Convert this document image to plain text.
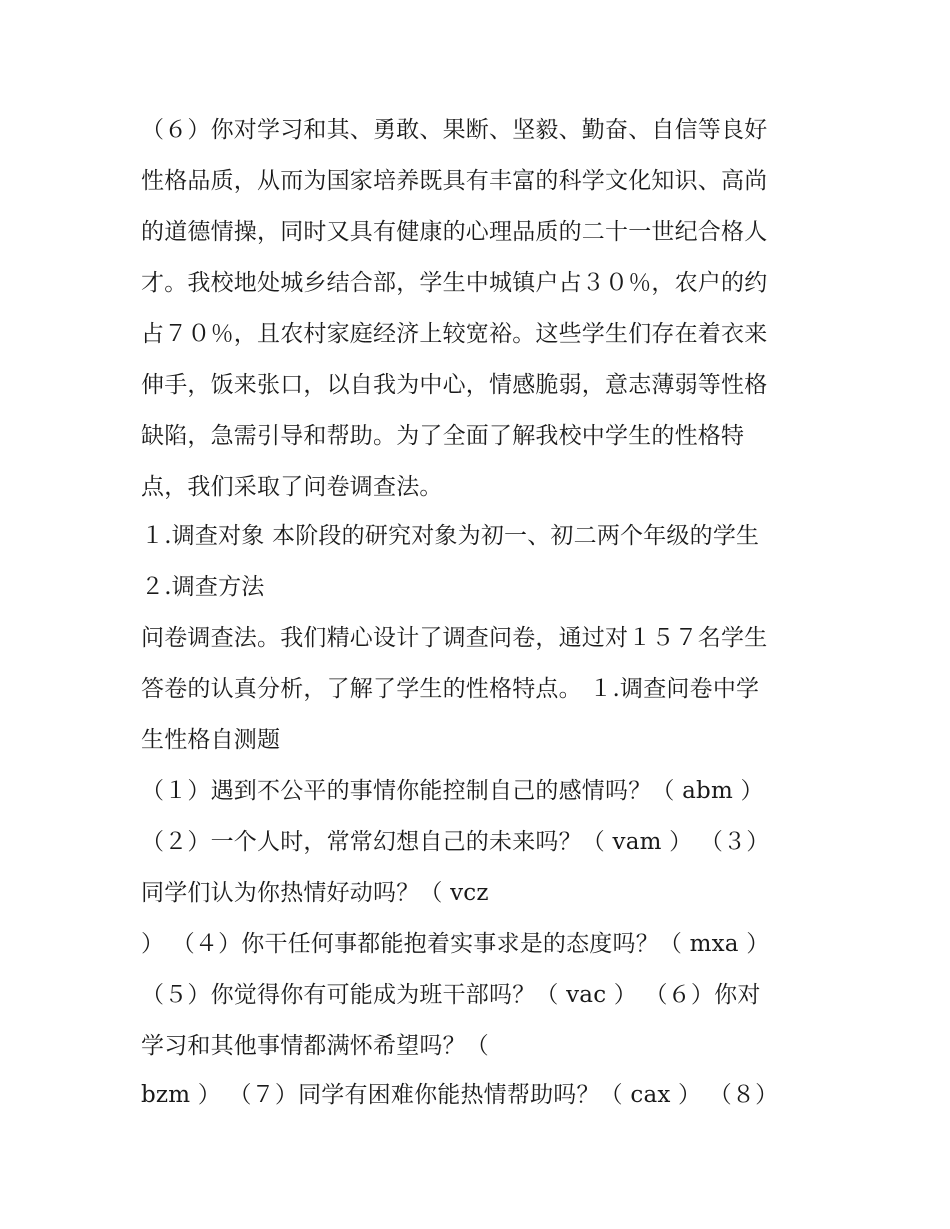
（６）你对学习和其、勇敢、果断、坚毅、勤奋、自信等良好
性格品质，从而为国家培养既具有丰富的科学文化知识、高尚
的道德情操，同时又具有健康的心理品质的二十一世纪合格人
才。我校地处城乡结合部，学生中城镇户占３０％，农户的约
占７０％，且农村家庭经济上较宽裕。这些学生们存在着衣来
伸手，饭来张口，以自我为中心，情感脆弱，意志薄弱等性格
缺陷，急需引导和帮助。为了全面了解我校中学生的性格特
点，我们采取了问卷调查法。
１.调查对象 本阶段的研究对象为初一、初二两个年级的学生
２.调查方法
问卷调查法。我们精心设计了调查问卷，通过对１５７名学生
答卷的认真分析，了解了学生的性格特点。 １.调查问卷中学
生性格自测题
（１）遇到不公平的事情你能控制自己的感情吗？（ abm ）
（２）一个人时，常常幻想自己的未来吗？（ vam ） （３）
同学们认为你热情好动吗？（ vcz
） （４）你干任何事都能抱着实事求是的态度吗？（ mxa ）
（５）你觉得你有可能成为班干部吗？（ vac ） （６）你对
学习和其他事情都满怀希望吗？（
bzm ） （７）同学有困难你能热情帮助吗？（ cax ） （８）
